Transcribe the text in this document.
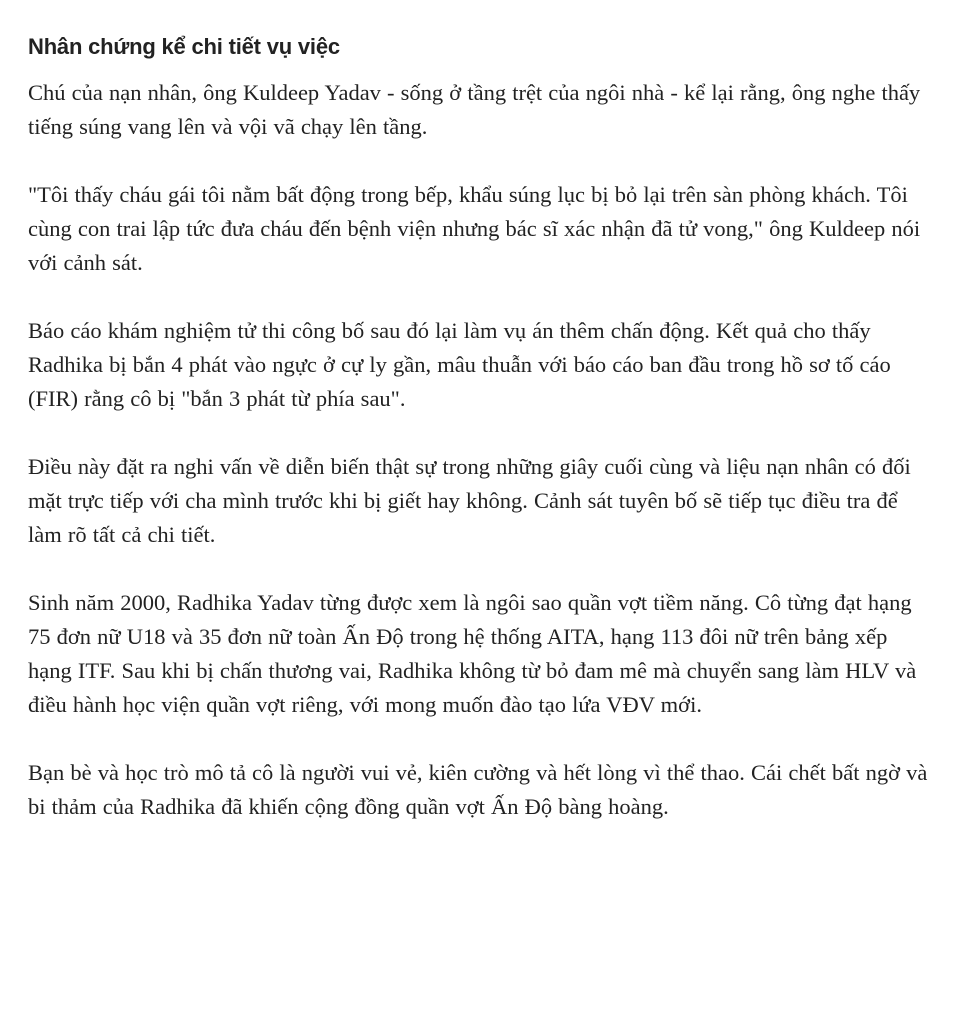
Nhân chứng kể chi tiết vụ việc

Chú của nạn nhân, ông Kuldeep Yadav - sống ở tầng trệt của ngôi nhà - kể lại rằng, ông nghe thấy tiếng súng vang lên và vội vã chạy lên tầng.

"Tôi thấy cháu gái tôi nằm bất động trong bếp, khẩu súng lục bị bỏ lại trên sàn phòng khách. Tôi cùng con trai lập tức đưa cháu đến bệnh viện nhưng bác sĩ xác nhận đã tử vong," ông Kuldeep nói với cảnh sát.

Báo cáo khám nghiệm tử thi công bố sau đó lại làm vụ án thêm chấn động. Kết quả cho thấy Radhika bị bắn 4 phát vào ngực ở cự ly gần, mâu thuẫn với báo cáo ban đầu trong hồ sơ tố cáo (FIR) rằng cô bị "bắn 3 phát từ phía sau".

Điều này đặt ra nghi vấn về diễn biến thật sự trong những giây cuối cùng và liệu nạn nhân có đối mặt trực tiếp với cha mình trước khi bị giết hay không. Cảnh sát tuyên bố sẽ tiếp tục điều tra để làm rõ tất cả chi tiết.

Sinh năm 2000, Radhika Yadav từng được xem là ngôi sao quần vợt tiềm năng. Cô từng đạt hạng 75 đơn nữ U18 và 35 đơn nữ toàn Ấn Độ trong hệ thống AITA, hạng 113 đôi nữ trên bảng xếp hạng ITF. Sau khi bị chấn thương vai, Radhika không từ bỏ đam mê mà chuyển sang làm HLV và điều hành học viện quần vợt riêng, với mong muốn đào tạo lứa VĐV mới.

Bạn bè và học trò mô tả cô là người vui vẻ, kiên cường và hết lòng vì thể thao. Cái chết bất ngờ và bi thảm của Radhika đã khiến cộng đồng quần vợt Ấn Độ bàng hoàng.
